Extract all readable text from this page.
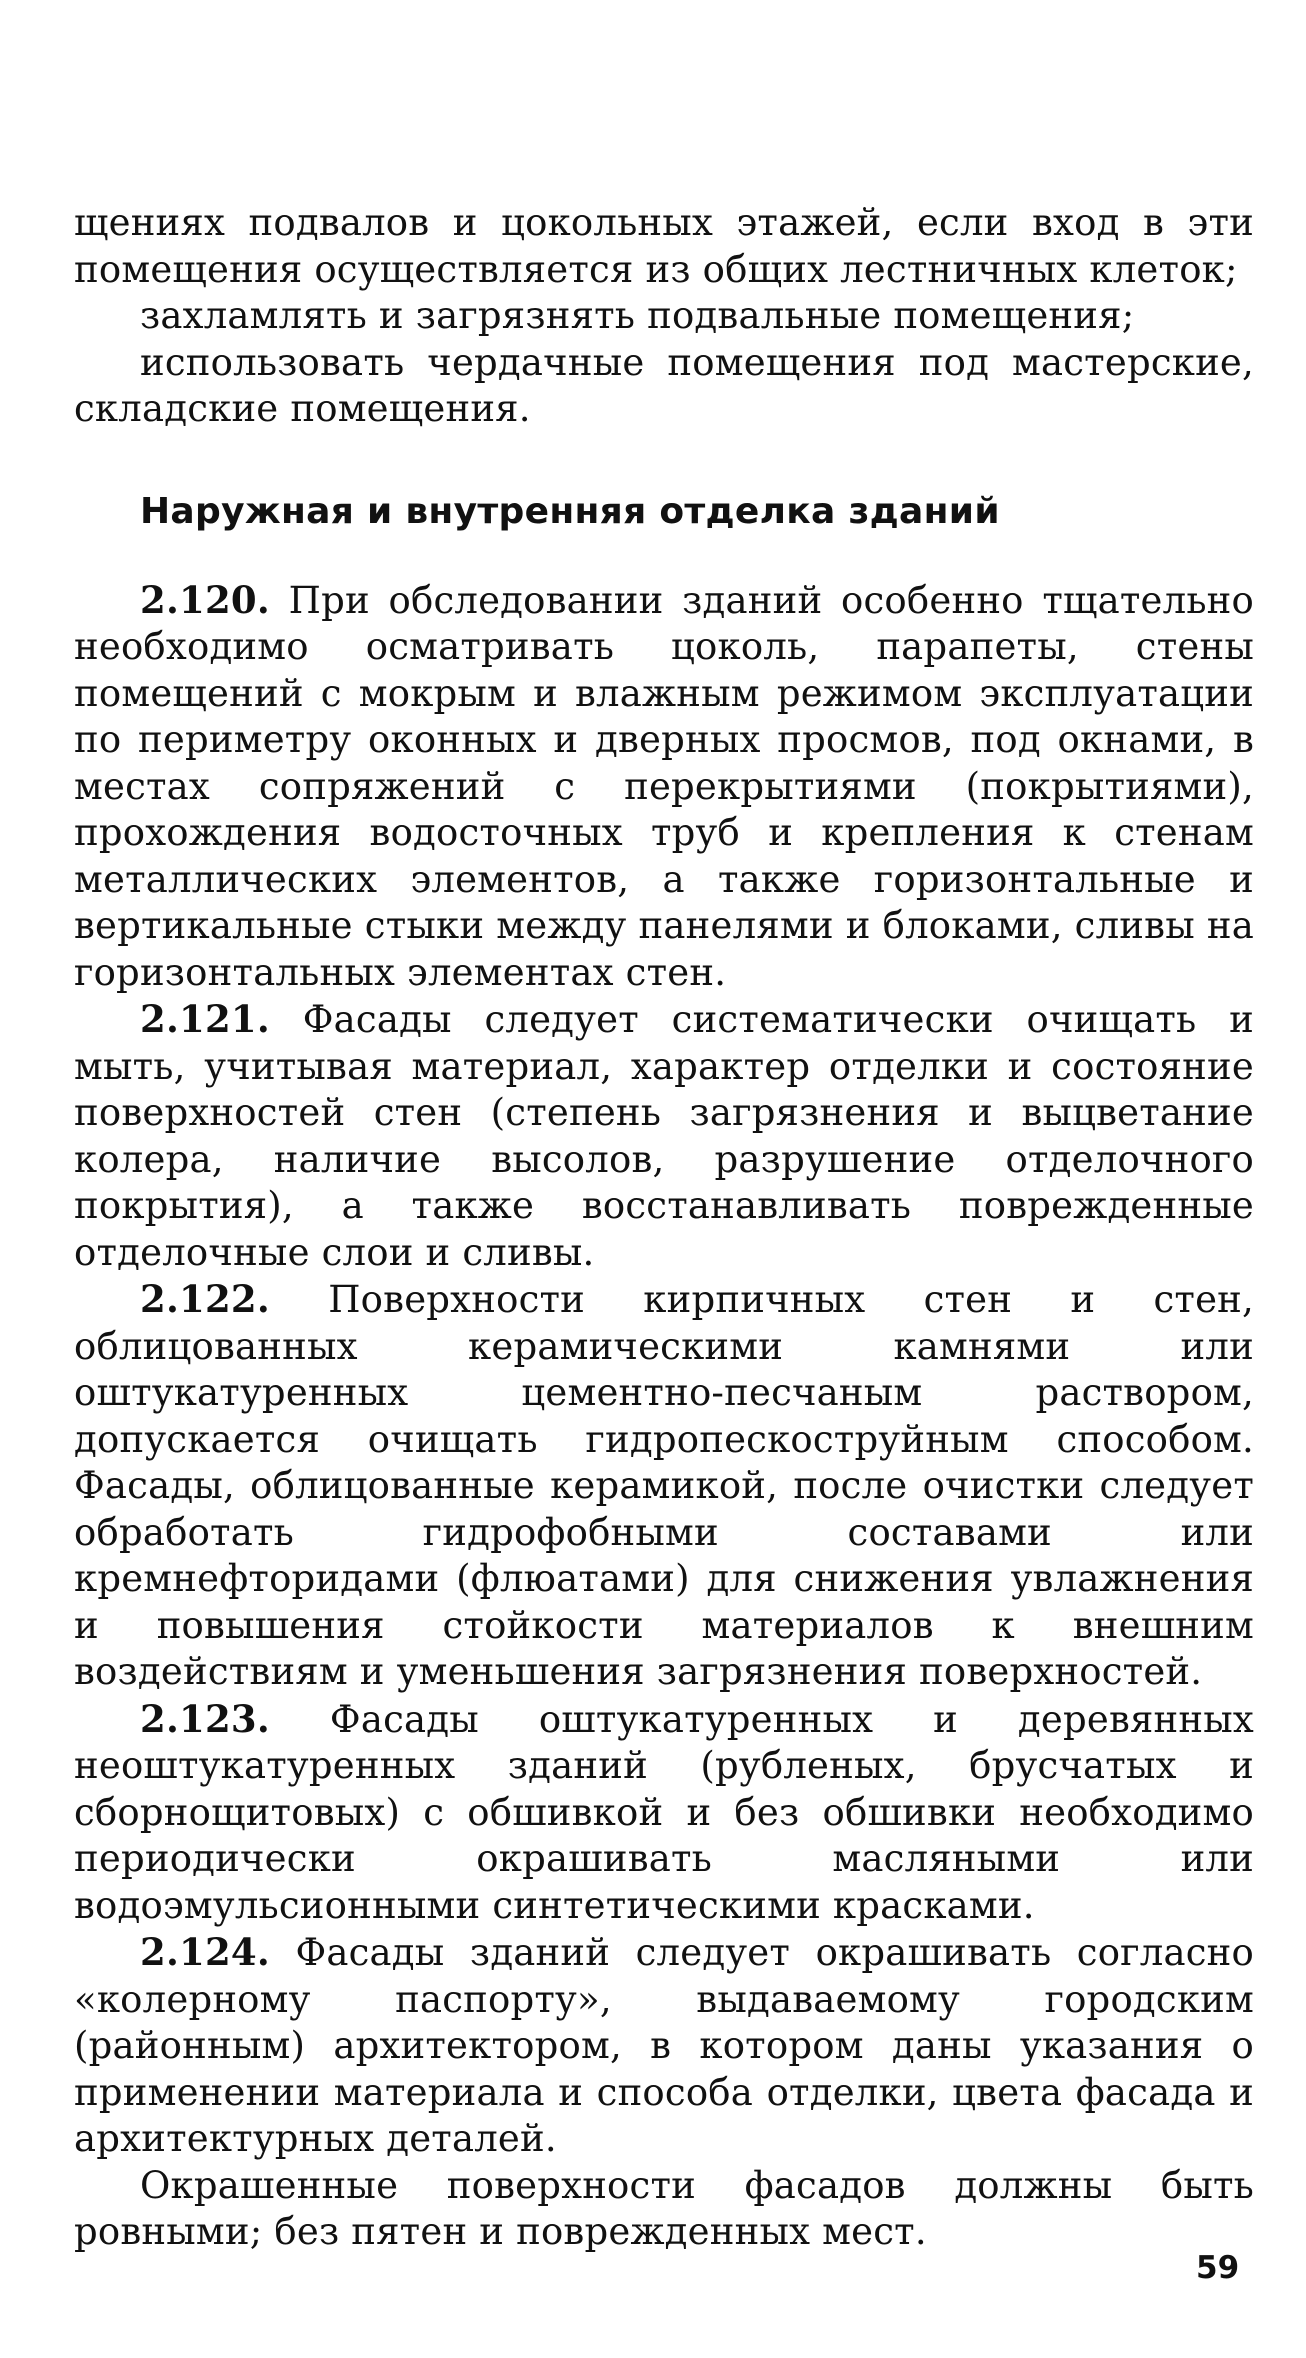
щениях подвалов и цокольных этажей, если вход в эти помещения осуществляется из общих лестничных клеток;

захламлять и загрязнять подвальные помещения;

использовать чердачные помещения под мастерские, складские помещения.

Наружная и внутренняя отделка зданий

2.120. При обследовании зданий особенно тщательно необходимо осматривать цоколь, парапеты, стены помещений с мокрым и влажным режимом эксплуатации по периметру оконных и дверных просмов, под окнами, в местах сопряжений с перекрытиями (покрытиями), прохождения водосточных труб и крепления к стенам металлических элементов, а также горизонтальные и вертикальные стыки между панелями и блоками, сливы на горизонтальных элементах стен.

2.121. Фасады следует систематически очищать и мыть, учитывая материал, характер отделки и состояние поверхностей стен (степень загрязнения и выцветание колера, наличие высолов, разрушение отделочного покрытия), а также восстанавливать поврежденные отделочные слои и сливы.

2.122. Поверхности кирпичных стен и стен, облицованных керамическими камнями или оштукатуренных цементно-песчаным раствором, допускается очищать гидропескоструйным способом. Фасады, облицованные керамикой, после очистки следует обработать гидрофобными составами или кремнефторидами (флюатами) для снижения увлажнения и повышения стойкости материалов к внешним воздействиям и уменьшения загрязнения поверхностей.

2.123. Фасады оштукатуренных и деревянных неоштукатуренных зданий (рубленых, брусчатых и сборнощитовых) с обшивкой и без обшивки необходимо периодически окрашивать масляными или водоэмульсионными синтетическими красками.

2.124. Фасады зданий следует окрашивать согласно «колерному паспорту», выдаваемому городским (районным) архитектором, в котором даны указания о применении материала и способа отделки, цвета фасада и архитектурных деталей.

Окрашенные поверхности фасадов должны быть ровными; без пятен и поврежденных мест.

59
